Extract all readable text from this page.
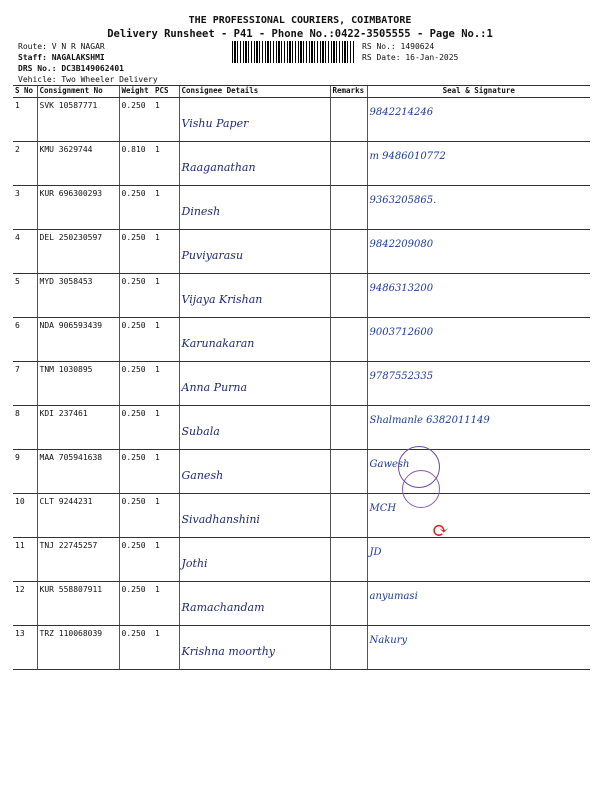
THE PROFESSIONAL COURIERS, COIMBATORE
Delivery Runsheet - P41 - Phone No.:0422-3505555 - Page No.:1
Route: V N R NAGAR
Staff: NAGALAKSHMI
DRS No.: DC3B149062401
Vehicle: Two Wheeler Delivery
RS No.: 1490624
RS Date: 16-Jan-2025
S No	Consignment No	Weight	PCS	Consignee Details	Remarks	Seal & Signature
1	SVK 10587771	0.250	1	Vishu Paper		9842214246

2	KMU 3629744	0.810	1	Raaganathan		m 9486010772

3	KUR 696300293	0.250	1	Dinesh		9363205865.

4	DEL 250230597	0.250	1	Puviyarasu		9842209080

5	MYD 3058453	0.250	1	Vijaya Krishan		9486313200

6	NDA 906593439	0.250	1	Karunakaran		9003712600

7	TNM 1030895	0.250	1	Anna Purna		9787552335

8	KDI 237461	0.250	1	Subala		Shalmanle 6382011149

9	MAA 705941638	0.250	1	Ganesh		Gawesh

10	CLT 9244231	0.250	1	Sivadhanshini		MCH

11	TNJ 22745257	0.250	1	Jothi		JD

12	KUR 558807911	0.250	1	Ramachandam		anyumasi

13	TRZ 110068039	0.250	1	Krishna moorthy		Nakury
⟳
